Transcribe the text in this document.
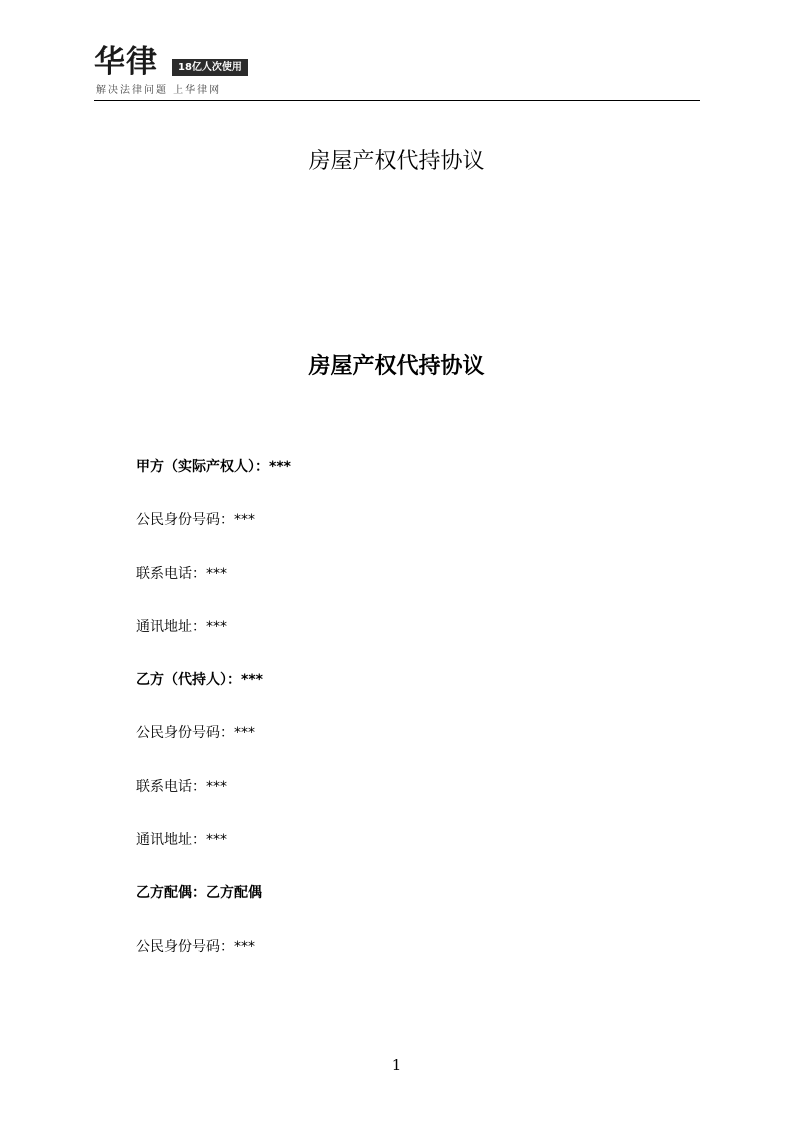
华律	18亿人次使用
解决法律问题 上华律网
房屋产权代持协议
房屋产权代持协议
甲方（实际产权人）：***
公民身份号码：***
联系电话：***
通讯地址：***
乙方（代持人）：***
公民身份号码：***
联系电话：***
通讯地址：***
乙方配偶：乙方配偶
公民身份号码：***
1
